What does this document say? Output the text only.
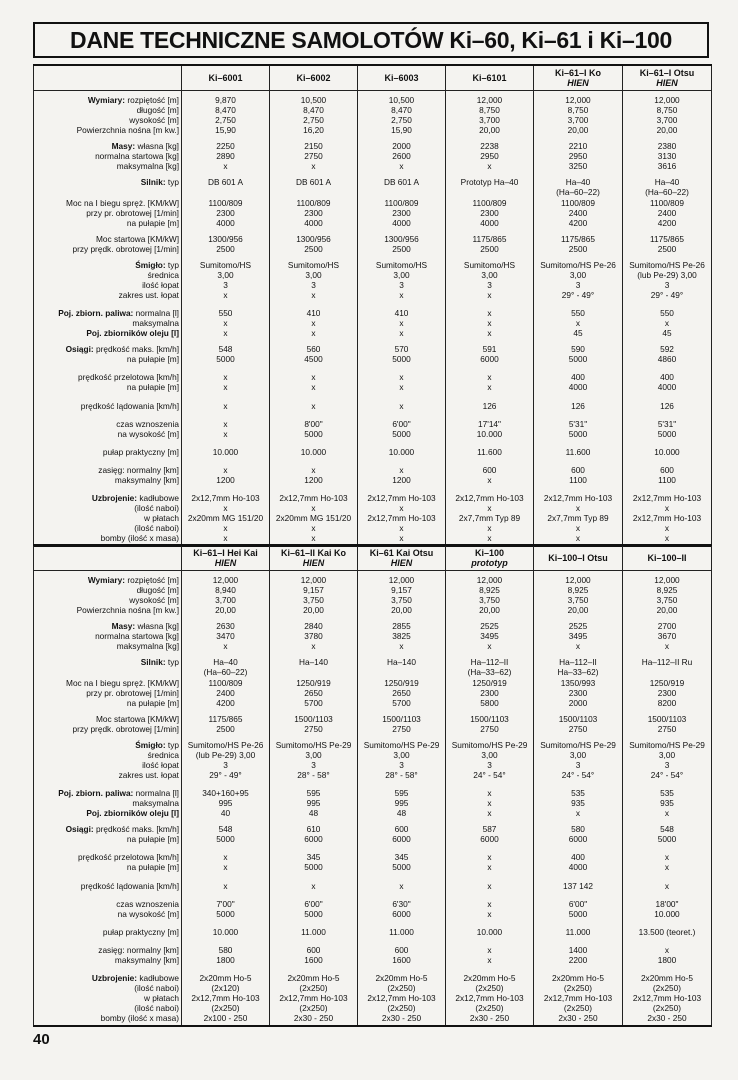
DANE TECHNICZNE SAMOLOTÓW Ki–60, Ki–61 i Ki–100

	Ki–6001	Ki–6002	Ki–6003	Ki–6101	Ki–61–I Ko
HIEN	Ki–61–I Otsu
HIEN

Wymiary: rozpiętość [m]
długość [m]
wysokość [m]
Powierzchnia nośna [m kw.]	9,870
8,470
2,750
15,90	10,500
8,470
2,750
16,20	10,500
8,470
2,750
15,90	12,000
8,750
3,700
20,00	12,000
8,750
3,700
20,00	12,000
8,750
3,700
20,00

Masy: własna [kg]
normalna startowa [kg]
maksymalna [kg]	2250
2890
x	2150
2750
x	2000
2600
x	2238
2950
x	2210
2950
3250	2380
3130
3616

Silnik: typ	DB 601 A	DB 601 A	DB 601 A	Prototyp Ha–40	Ha–40
(Ha–60–22)	Ha–40
(Ha–60–22)

Moc na I biegu spręż. [KM/kW]
przy pr. obrotowej [1/min]
na pułapie [m]	1100/809
2300
4000	1100/809
2300
4000	1100/809
2300
4000	1100/809
2300
4000	1100/809
2400
4200	1100/809
2400
4200

Moc startowa [KM/kW]
przy prędk. obrotowej [1/min]	1300/956
2500	1300/956
2500	1300/956
2500	1175/865
2500	1175/865
2500	1175/865
2500

Śmigło: typ
średnica
ilość łopat
zakres ust. łopat	Sumitomo/HS
3,00
3
x	Sumitomo/HS
3,00
3
x	Sumitomo/HS
3,00
3
x	Sumitomo/HS
3,00
3
x	Sumitomo/HS Pe-26
3,00
3
29° - 49°	Sumitomo/HS Pe-26
(lub Pe-29) 3,00
3
29° - 49°

Poj. zbiorn. paliwa: normalna [l]
maksymalna	550
x	410
x	410
x	x
x	550
x	550
x

Poj. zbiorników oleju [l]	x	x	x	x	45	45

Osiągi: prędkość maks. [km/h]
na pułapie [m]	548
5000	560
4500	570
5000	591
6000	590
5000	592
4860

prędkość przelotowa [km/h]
na pułapie [m]	x
x	x
x	x
x	x
x	400
4000	400
4000

prędkość lądowania [km/h]	x	x	x	126	126	126

czas wznoszenia
na wysokość [m]	x
x	8'00"
5000	6'00"
5000	17'14"
10.000	5'31"
5000	5'31"
5000

pułap praktyczny [m]	10.000	10.000	10.000	11.600	11.600	10.000

zasięg: normalny [km]
maksymalny [km]	x
1200	x
1200	x
1200	600
x	600
1100	600
1100

Uzbrojenie: kadłubowe
(ilość naboi)
w płatach
(ilość naboi)
bomby (ilość x masa)	2x12,7mm Ho-103
x
2x20mm MG 151/20
x
x	2x12,7mm Ho-103
x
2x20mm MG 151/20
x
x	2x12,7mm Ho-103
x
2x12,7mm Ho-103
x
x	2x12,7mm Ho-103
x
2x7,7mm Typ 89
x
x	2x12,7mm Ho-103
x
2x7,7mm Typ 89
x
x	2x12,7mm Ho-103
x
2x12,7mm Ho-103
x
x

	Ki–61–I Hei Kai
HIEN	Ki–61–II Kai Ko
HIEN	Ki–61 Kai Otsu
HIEN	Ki–100
prototyp	Ki–100–I Otsu	Ki–100–II

Wymiary: rozpiętość [m]
długość [m]
wysokość [m]
Powierzchnia nośna [m kw.]	12,000
8,940
3,700
20,00	12,000
9,157
3,750
20,00	12,000
9,157
3,750
20,00	12,000
8,925
3,750
20,00	12,000
8,925
3,750
20,00	12,000
8,925
3,750
20,00

Masy: własna [kg]
normalna startowa [kg]
maksymalna [kg]	2630
3470
x	2840
3780
x	2855
3825
x	2525
3495
x	2525
3495
x	2700
3670
x

Silnik: typ	Ha–40
(Ha–60–22)	Ha–140	Ha–140	Ha–112–II
(Ha–33–62)	Ha–112–II
Ha–33–62)	Ha–112–II Ru

Moc na I biegu spręż. [KM/kW]
przy pr. obrotowej [1/min]
na pułapie [m]	1100/809
2400
4200	1250/919
2650
5700	1250/919
2650
5700	1250/919
2300
5800	1350/993
2300
2000	1250/919
2300
8200

Moc startowa [KM/kW]
przy prędk. obrotowej [1/min]	1175/865
2500	1500/1103
2750	1500/1103
2750	1500/1103
2750	1500/1103
2750	1500/1103
2750

Śmigło: typ
średnica
ilość łopat
zakres ust. łopat	Sumitomo/HS Pe-26
(lub Pe-29) 3,00
3
29° - 49°	Sumitomo/HS Pe-29
3,00
3
28° - 58°	Sumitomo/HS Pe-29
3,00
3
28° - 58°	Sumitomo/HS Pe-29
3,00
3
24° - 54°	Sumitomo/HS Pe-29
3,00
3
24° - 54°	Sumitomo/HS Pe-29
3,00
3
24° - 54°

Poj. zbiorn. paliwa: normalna [l]
maksymalna	340+160+95
995	595
995	595
995	x
x	535
935	535
935

Poj. zbiorników oleju [l]	40	48	48	x	x	x

Osiągi: prędkość maks. [km/h]
na pułapie [m]	548
5000	610
6000	600
6000	587
6000	580
6000	548
5000

prędkość przelotowa [km/h]
na pułapie [m]	x
x	345
5000	345
5000	x
x	400
4000	x
x

prędkość lądowania [km/h]	x	x	x	x	137 142	x

czas wznoszenia
na wysokość [m]	7'00"
5000	6'00"
5000	6'30"
6000	x
x	6'00"
5000	18'00"
10.000

pułap praktyczny [m]	10.000	11.000	11.000	10.000	11.000	13.500 (teoret.)

zasięg: normalny [km]
maksymalny [km]	580
1800	600
1600	600
1600	x
x	1400
2200	x
1800

Uzbrojenie: kadłubowe
(ilość naboi)
w płatach
(ilość naboi)
bomby (ilość x masa)	2x20mm Ho-5
(2x120)
2x12,7mm Ho-103
(2x250)
2x100 - 250	2x20mm Ho-5
(2x250)
2x12,7mm Ho-103
(2x250)
2x30 - 250	2x20mm Ho-5
(2x250)
2x12,7mm Ho-103
(2x250)
2x30 - 250	2x20mm Ho-5
(2x250)
2x12,7mm Ho-103
(2x250)
2x30 - 250	2x20mm Ho-5
(2x250)
2x12,7mm Ho-103
(2x250)
2x30 - 250	2x20mm Ho-5
(2x250)
2x12,7mm Ho-103
(2x250)
2x30 - 250

40
